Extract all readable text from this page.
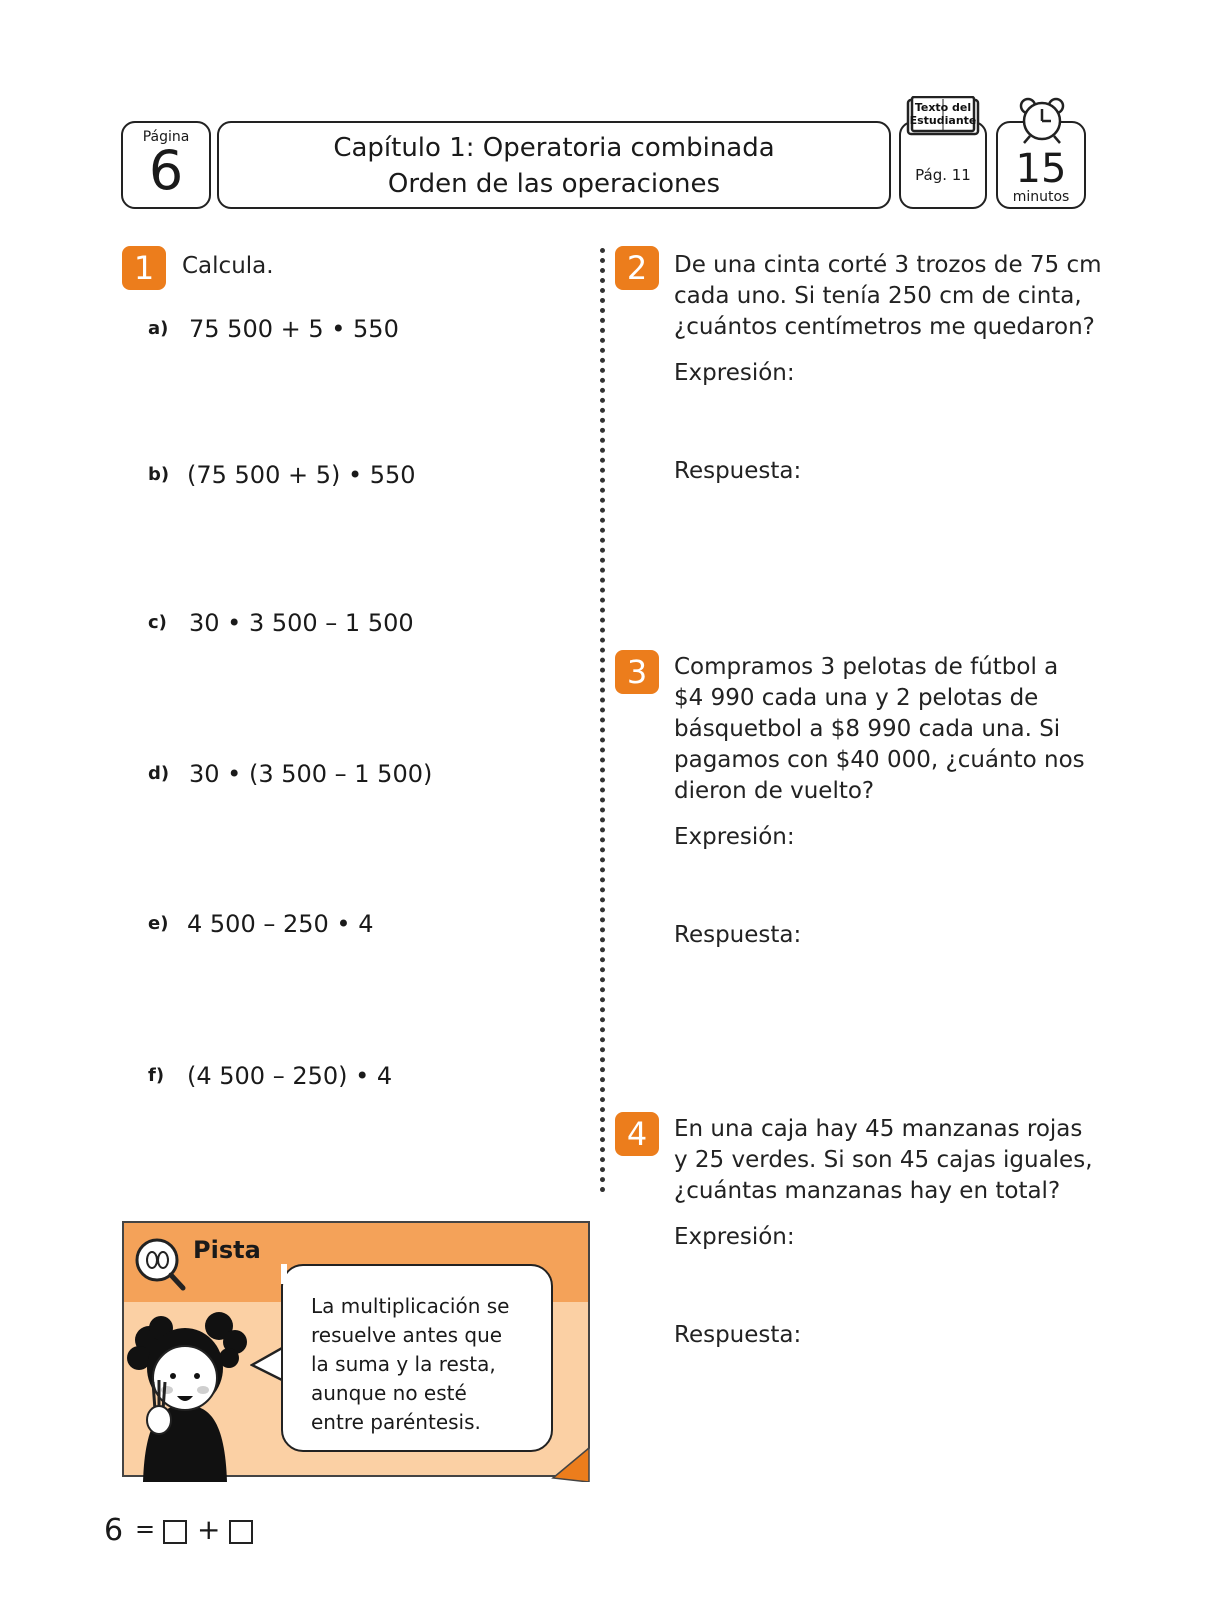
Página
6	Capítulo 1: Operatoria combinada
Orden de las operaciones	Pág. 11
Texto del
Estudiante
15
minutos
1	Calcula.
a) 75 500 + 5 • 550
b) (75 500 + 5) • 550
c) 30 • 3 500 – 1 500
d) 30 • (3 500 – 1 500)
e) 4 500 – 250 • 4
f) (4 500 – 250) • 4
2	De una cinta corté 3 trozos de 75 cm
cada uno. Si tenía 250 cm de cinta,
¿cuántos centímetros me quedaron?
Expresión:
Respuesta:
3	Compramos 3 pelotas de fútbol a
$4 990 cada una y 2 pelotas de
básquetbol a $8 990 cada una. Si
pagamos con $40 000, ¿cuánto nos
dieron de vuelto?
Expresión:
Respuesta:
4	En una caja hay 45 manzanas rojas
y 25 verdes. Si son 45 cajas iguales,
¿cuántas manzanas hay en total?
Expresión:
Respuesta:
Pista
La multiplicación se
resuelve antes que
la suma y la resta,
aunque no esté
entre paréntesis.
6 = +
